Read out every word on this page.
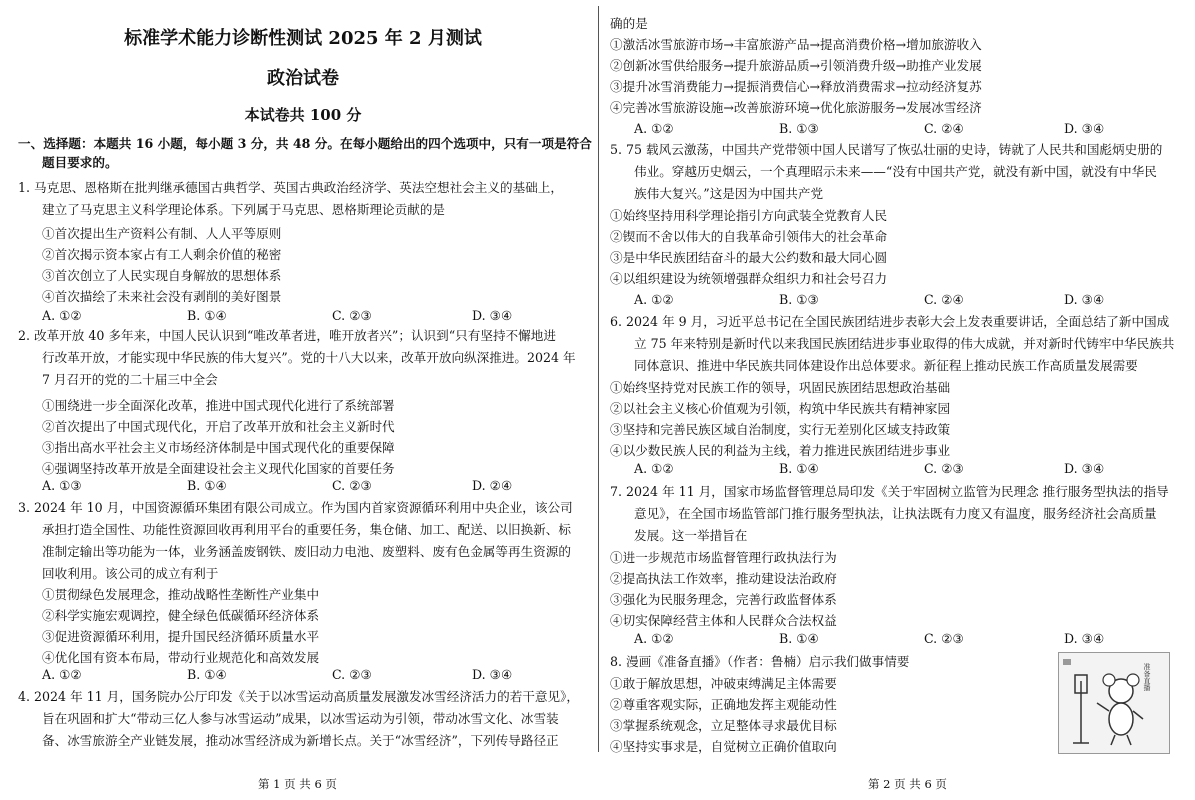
标准学术能力诊断性测试 2025 年 2 月测试
政治试卷
本试卷共 100 分
一、选择题：本题共 16 小题，每小题 3 分，共 48 分。在每小题给出的四个选项中，只有一项是符合
题目要求的。
1. 马克思、恩格斯在批判继承德国古典哲学、英国古典政治经济学、英法空想社会主义的基础上，
建立了马克思主义科学理论体系。下列属于马克思、恩格斯理论贡献的是
①首次提出生产资料公有制、人人平等原则
②首次揭示资本家占有工人剩余价值的秘密
③首次创立了人民实现自身解放的思想体系
④首次描绘了未来社会没有剥削的美好图景
2. 改革开放 40 多年来，中国人民认识到“唯改革者进，唯开放者兴”；认识到“只有坚持不懈地进
行改革开放，才能实现中华民族的伟大复兴”。党的十八大以来，改革开放向纵深推进。2024 年
7 月召开的党的二十届三中全会
①围绕进一步全面深化改革，推进中国式现代化进行了系统部署
②首次提出了中国式现代化，开启了改革开放和社会主义新时代
③指出高水平社会主义市场经济体制是中国式现代化的重要保障
④强调坚持改革开放是全面建设社会主义现代化国家的首要任务
3. 2024 年 10 月，中国资源循环集团有限公司成立。作为国内首家资源循环利用中央企业，该公司
承担打造全国性、功能性资源回收再利用平台的重要任务，集仓储、加工、配送、以旧换新、标
准制定输出等功能为一体，业务涵盖废钢铁、废旧动力电池、废塑料、废有色金属等再生资源的
回收利用。该公司的成立有利于
①贯彻绿色发展理念，推动战略性垄断性产业集中
②科学实施宏观调控，健全绿色低碳循环经济体系
③促进资源循环利用，提升国民经济循环质量水平
④优化国有资本布局，带动行业规范化和高效发展
4. 2024 年 11 月，国务院办公厅印发《关于以冰雪运动高质量发展激发冰雪经济活力的若干意见》，
旨在巩固和扩大“带动三亿人参与冰雪运动”成果，以冰雪运动为引领，带动冰雪文化、冰雪装
备、冰雪旅游全产业链发展，推动冰雪经济成为新增长点。关于“冰雪经济”，下列传导路径正
A. ①②	B. ①④	C. ②③	D. ③④
A. ①③	B. ①④	C. ②③	D. ②④
A. ①②	B. ①④	C. ②③	D. ③④
确的是
①激活冰雪旅游市场→丰富旅游产品→提高消费价格→增加旅游收入
②创新冰雪供给服务→提升旅游品质→引领消费升级→助推产业发展
③提升冰雪消费能力→提振消费信心→释放消费需求→拉动经济复苏
④完善冰雪旅游设施→改善旅游环境→优化旅游服务→发展冰雪经济
5. 75 载风云激荡，中国共产党带领中国人民谱写了恢弘壮丽的史诗，铸就了人民共和国彪炳史册的
伟业。穿越历史烟云，一个真理昭示未来——“没有中国共产党，就没有新中国，就没有中华民
族伟大复兴。”这是因为中国共产党
①始终坚持用科学理论指引方向武装全党教育人民
②锲而不舍以伟大的自我革命引领伟大的社会革命
③是中华民族团结奋斗的最大公约数和最大同心圆
④以组织建设为统领增强群众组织力和社会号召力
6. 2024 年 9 月，习近平总书记在全国民族团结进步表彰大会上发表重要讲话，全面总结了新中国成
立 75 年来特别是新时代以来我国民族团结进步事业取得的伟大成就，并对新时代铸牢中华民族共
同体意识、推进中华民族共同体建设作出总体要求。新征程上推动民族工作高质量发展需要
①始终坚持党对民族工作的领导，巩固民族团结思想政治基础
②以社会主义核心价值观为引领，构筑中华民族共有精神家园
③坚持和完善民族区域自治制度，实行无差别化区域支持政策
④以少数民族人民的利益为主线，着力推进民族团结进步事业
7. 2024 年 11 月，国家市场监督管理总局印发《关于牢固树立监管为民理念 推行服务型执法的指导
意见》，在全国市场监管部门推行服务型执法，让执法既有力度又有温度，服务经济社会高质量
发展。这一举措旨在
①进一步规范市场监督管理行政执法行为
②提高执法工作效率，推动建设法治政府
③强化为民服务理念，完善行政监督体系
④切实保障经营主体和人民群众合法权益
8. 漫画《准备直播》（作者：鲁楠）启示我们做事情要
①敢于解放思想，冲破束缚满足主体需要
②尊重客观实际，正确地发挥主观能动性
③掌握系统观念，立足整体寻求最优目标
④坚持实事求是，自觉树立正确价值取向
A. ①②	B. ①③	C. ②④	D. ③④
A. ①②	B. ①③	C. ②④	D. ③④
A. ①②	B. ①④	C. ②③	D. ③④
A. ①②	B. ①④	C. ②③	D. ③④
准备直播
第 1 页 共 6 页	第 2 页 共 6 页
